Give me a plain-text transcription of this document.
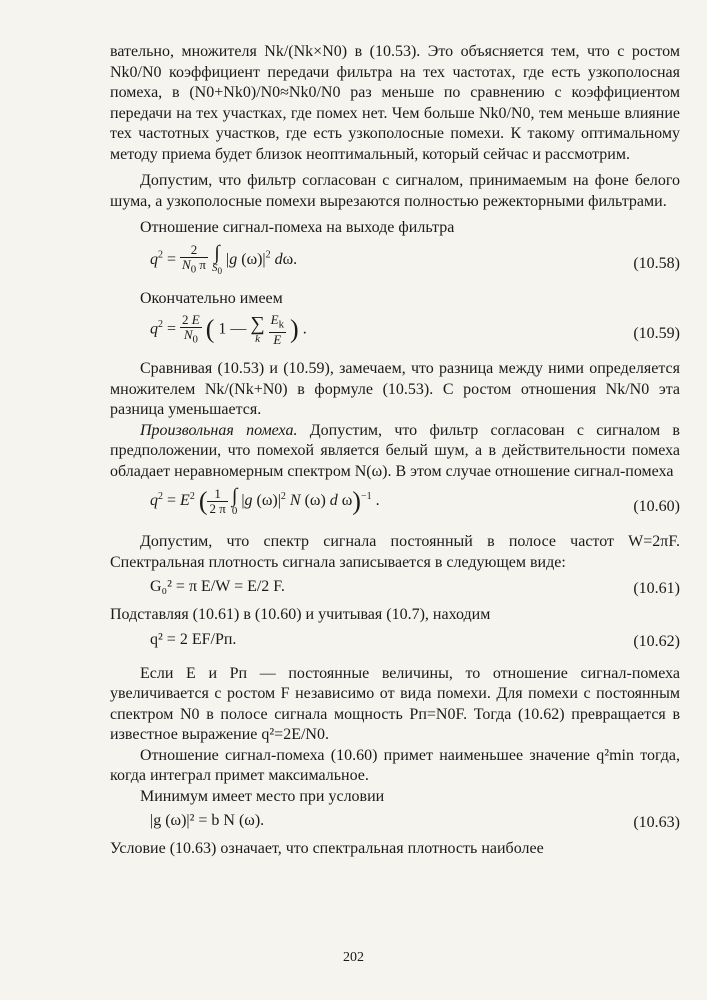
вательно, множителя Nk/(Nk×N0) в (10.53). Это объясняется тем, что с ростом Nk0/N0 коэффициент передачи фильтра на тех частотах, где есть узкополосная помеха, в (N0+Nk0)/N0≈Nk0/N0 раз меньше по сравнению с коэффициентом передачи на тех участках, где помех нет. Чем больше Nk0/N0, тем меньше влияние тех частотных участков, где есть узкополосные помехи. К такому оптимальному методу приема будет близок неоптимальный, который сейчас и рассмотрим.

Допустим, что фильтр согласован с сигналом, принимаемым на фоне белого шума, а узкополосные помехи вырезаются полностью режекторными фильтрами.

Отношение сигнал-помеха на выходе фильтра

$q^2 = \frac{2}{N_0 \pi}$
∫
$S_0$ |g $(\omega)|^2$ dω.	(10.58)

Окончательно имеем

$q^2 = \frac{2 E}{N_0}$ ( 1 — ∑
k $\frac{E_k}{E}$ ) .	(10.59)

Сравнивая (10.53) и (10.59), замечаем, что разница между ними определяется множителем Nk/(Nk+N0) в формуле (10.53). С ростом отношения Nk/N0 эта разница уменьшается.

Произвольная помеха. Допустим, что фильтр согласован с сигналом в предположении, что помехой является белый шум, а в действительности помеха обладает неравномерным спектром N(ω). В этом случае отношение сигнал-помеха

$q^2 = E^2$ ( $\frac{1}{2 \pi}$
∫
0 |g $(\omega)|^2$ N (ω) d ω)$^{-1}$ .	(10.60)

Допустим, что спектр сигнала постоянный в полосе частот W=2πF. Спектральная плотность сигнала записывается в следующем виде:

G₀² = π E/W = E/2 F.	(10.61)

Подставляя (10.61) в (10.60) и учитывая (10.7), находим

q² = 2 EF/Pп.	(10.62)

Если E и Pп — постоянные величины, то отношение сигнал-помеха увеличивается с ростом F независимо от вида помехи. Для помехи с постоянным спектром N0 в полосе сигнала мощность Pп=N0F. Тогда (10.62) превращается в известное выражение q²=2E/N0.

Отношение сигнал-помеха (10.60) примет наименьшее значение q²min тогда, когда интеграл примет максимальное.

Минимум имеет место при условии

|g (ω)|² = b N (ω).	(10.63)

Условие (10.63) означает, что спектральная плотность наиболее

202
